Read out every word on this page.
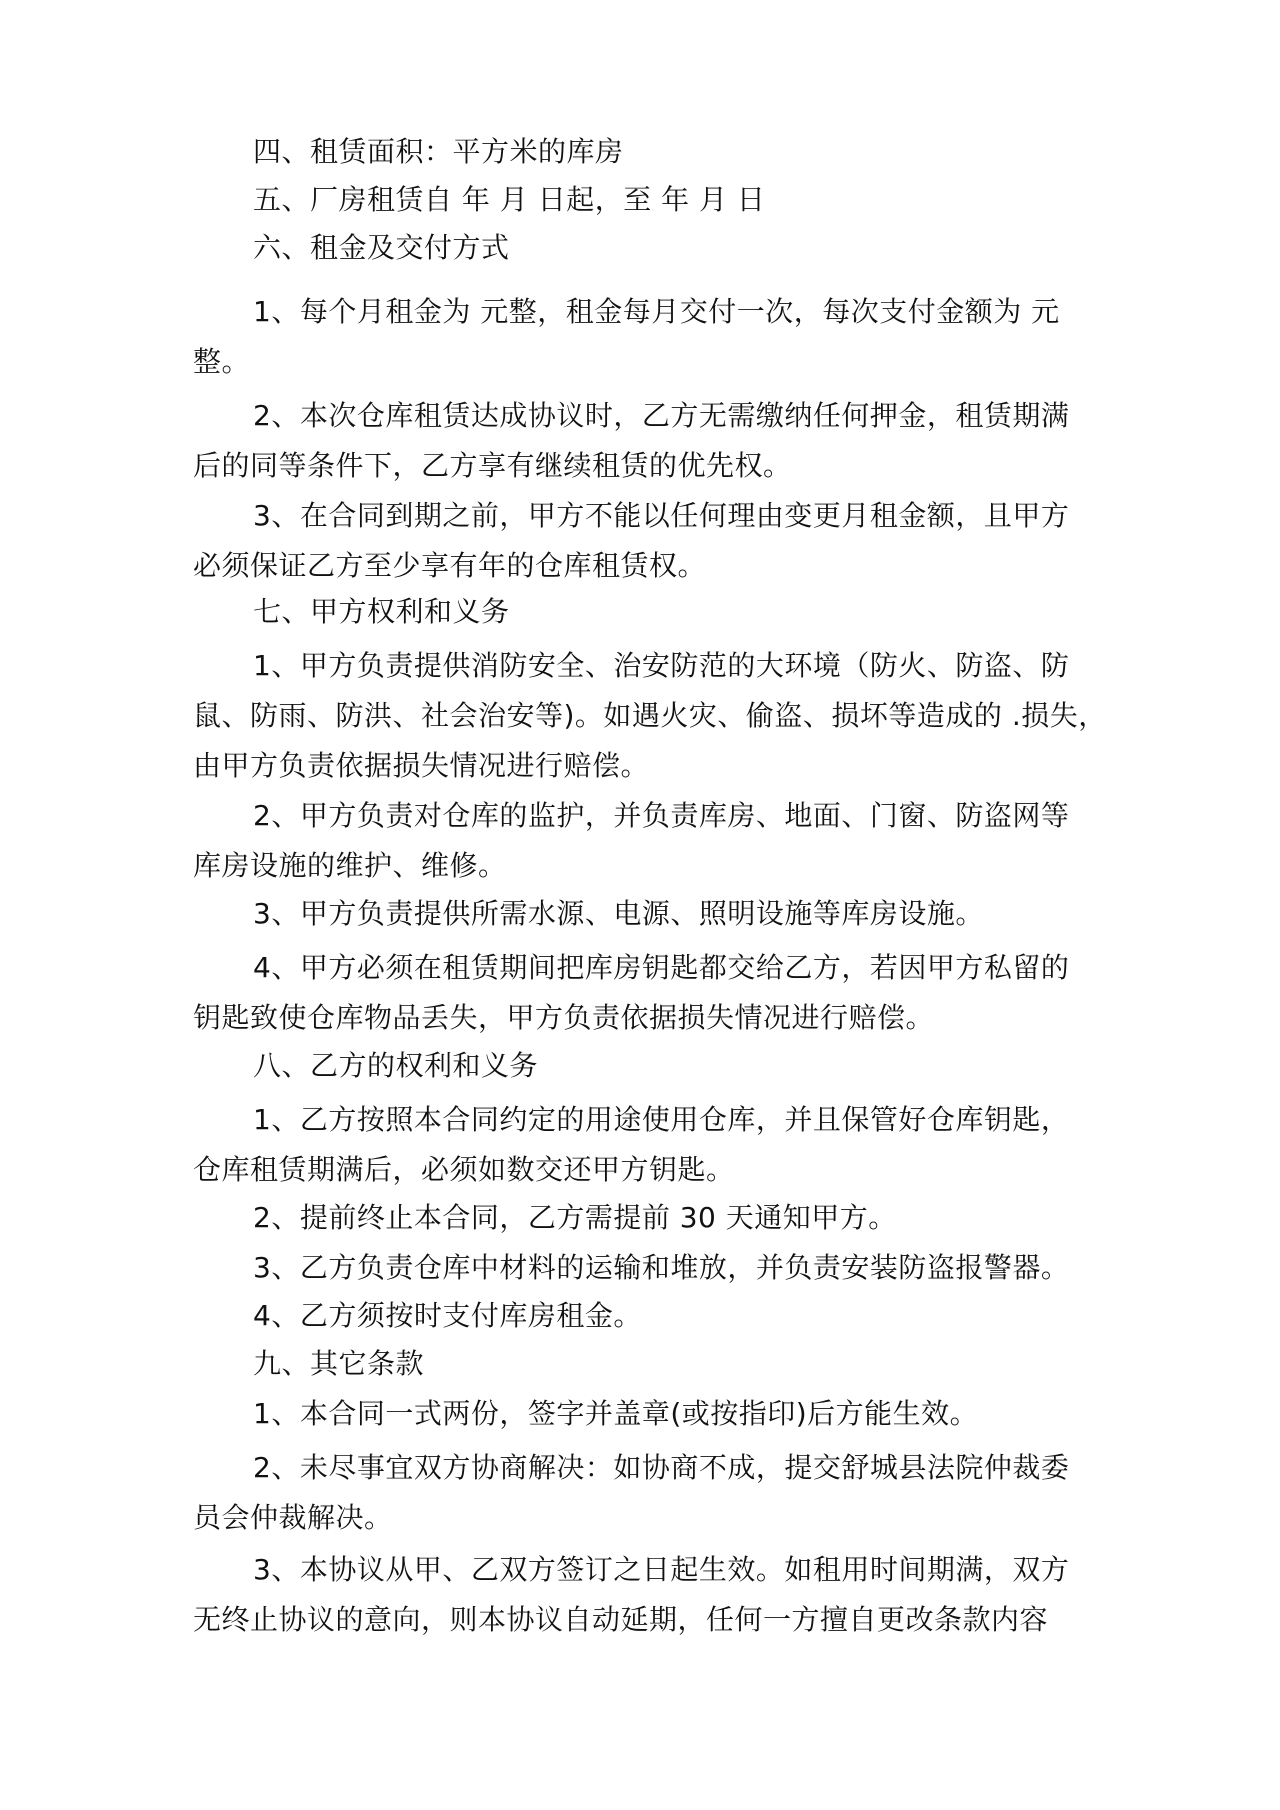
四、租赁面积：平方米的库房
五、厂房租赁自 年 月 日起，至 年 月 日
六、租金及交付方式
1、每个月租金为 元整，租金每月交付一次，每次支付金额为 元
整。
2、本次仓库租赁达成协议时，乙方无需缴纳任何押金，租赁期满
后的同等条件下，乙方享有继续租赁的优先权。
3、在合同到期之前，甲方不能以任何理由变更月租金额，且甲方
必须保证乙方至少享有年的仓库租赁权。
七、甲方权利和义务
1、甲方负责提供消防安全、治安防范的大环境（防火、防盗、防
鼠、防雨、防洪、社会治安等)。如遇火灾、偷盗、损坏等造成的 .损失，
由甲方负责依据损失情况进行赔偿。
2、甲方负责对仓库的监护，并负责库房、地面、门窗、防盗网等
库房设施的维护、维修。
3、甲方负责提供所需水源、电源、照明设施等库房设施。
4、甲方必须在租赁期间把库房钥匙都交给乙方，若因甲方私留的
钥匙致使仓库物品丢失，甲方负责依据损失情况进行赔偿。
八、乙方的权利和义务
1、乙方按照本合同约定的用途使用仓库，并且保管好仓库钥匙，
仓库租赁期满后，必须如数交还甲方钥匙。
2、提前终止本合同，乙方需提前 30 天通知甲方。
3、乙方负责仓库中材料的运输和堆放，并负责安装防盗报警器。
4、乙方须按时支付库房租金。
九、其它条款
1、本合同一式两份，签字并盖章(或按指印)后方能生效。
2、未尽事宜双方协商解决：如协商不成，提交舒城县法院仲裁委
员会仲裁解决。
3、本协议从甲、乙双方签订之日起生效。如租用时间期满，双方
无终止协议的意向，则本协议自动延期，任何一方擅自更改条款内容
